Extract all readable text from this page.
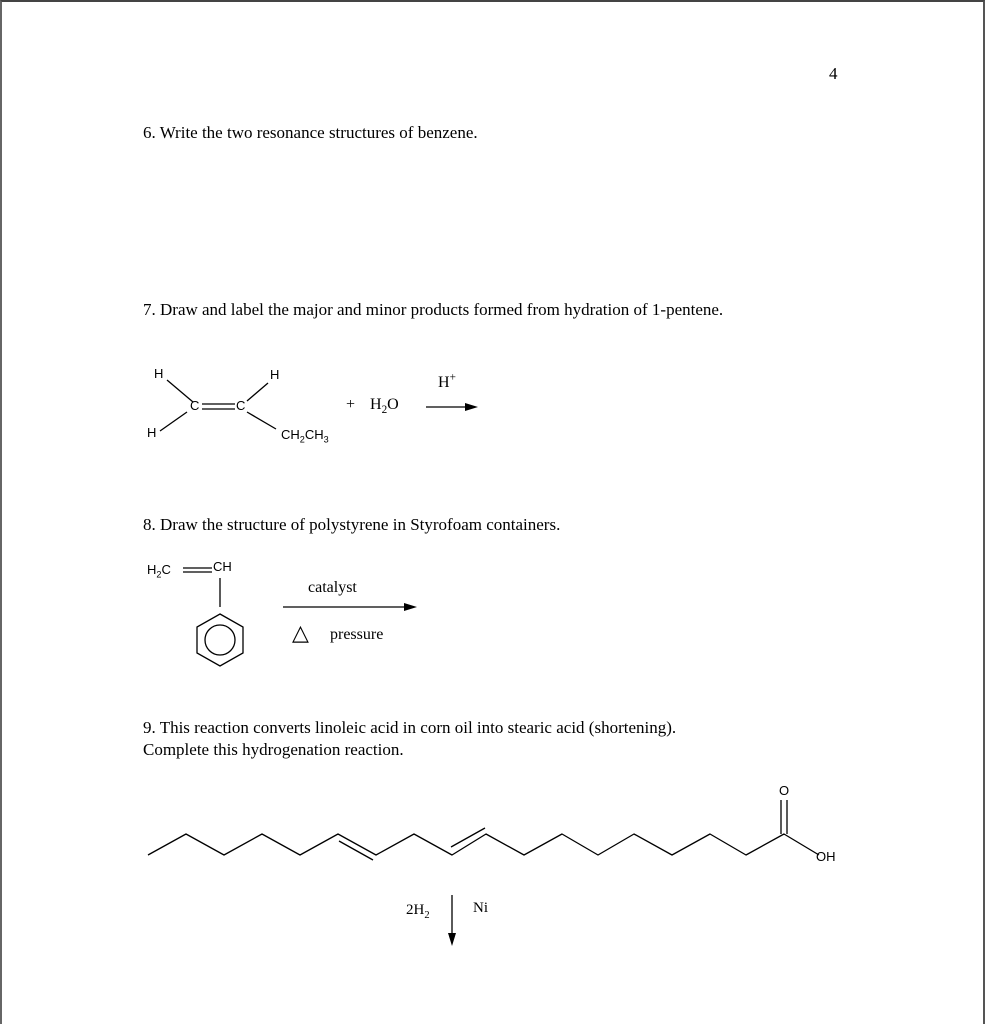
4
6. Write the two resonance structures of benzene.
7. Draw and label the major and minor products formed from hydration of 1-pentene.
8. Draw the structure of polystyrene in Styrofoam containers.
9. This reaction converts linoleic acid in corn oil into stearic acid (shortening).
Complete this hydrogenation reaction.
H	H
H
C	C
$CH_2CH_3$
+ $H_2O$
H+
$H_2C$	CH
catalyst
△ pressure
O
OH
$2H_2$	Ni
